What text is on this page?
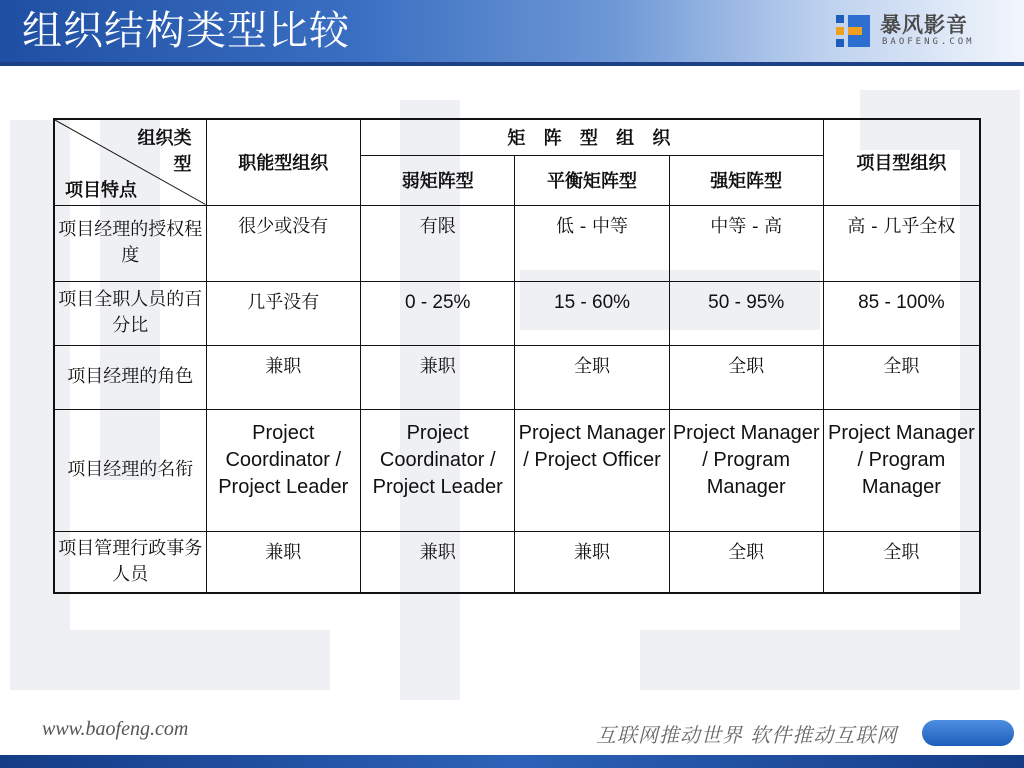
组织结构类型比较	暴风影音
BAOFENG.COM
组织类型
项目特点	职能型组织	矩 阵 型 组 织			项目型组织
		弱矩阵型	平衡矩阵型	强矩阵型	
项目经理的授权程度	很少或没有	有限	低 - 中等	中等 - 高	高 - 几乎全权
项目全职人员的百分比	几乎没有	0 - 25%	15 - 60%	50 - 95%	85 - 100%
项目经理的角色	兼职	兼职	全职	全职	全职
项目经理的名衔	Project Coordinator / Project Leader	Project Coordinator / Project Leader	Project Manager / Project Officer	Project Manager / Program Manager	Project Manager / Program Manager
项目管理行政事务人员	兼职	兼职	兼职	全职	全职
www.baofeng.com	互联网推动世界 软件推动互联网
